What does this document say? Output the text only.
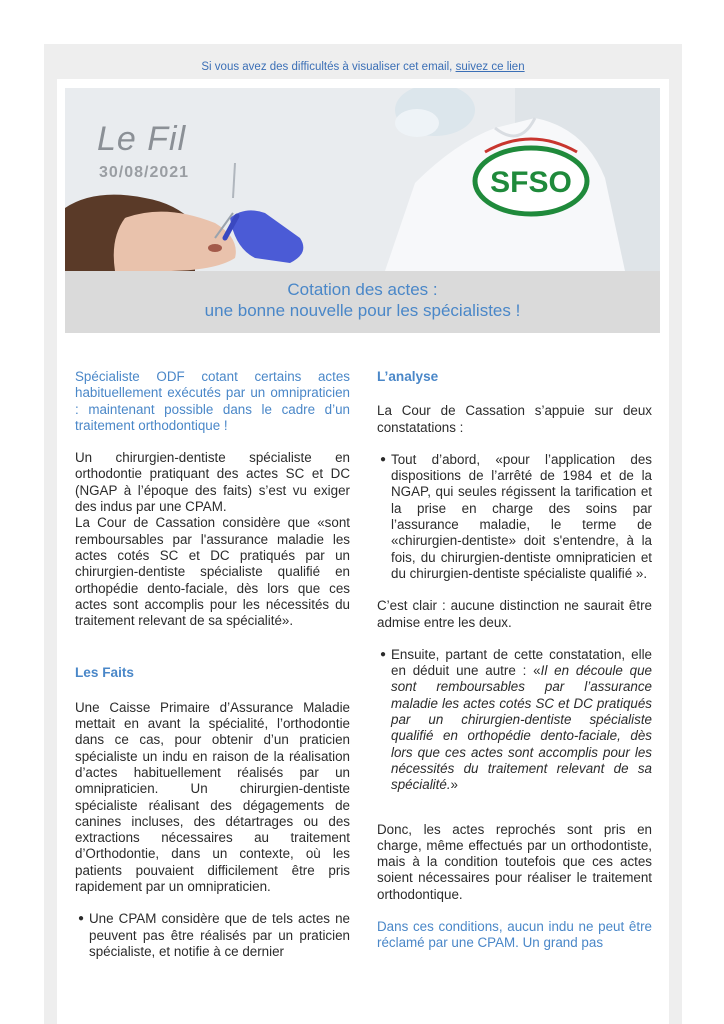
Si vous avez des difficultés à visualiser cet email, suivez ce lien
SFSO
Le Fil
30/08/2021
Cotation des actes :
une bonne nouvelle pour les spécialistes !

Spécialiste ODF cotant certains actes habituellement exécutés par un omnipraticien : maintenant possible dans le cadre d’un traitement orthodontique !

Un chirurgien-dentiste spécialiste en orthodontie pratiquant des actes SC et DC (NGAP à l’époque des faits) s’est vu exiger des indus par une CPAM.

La Cour de Cassation considère que «sont remboursables par l'assurance maladie les actes cotés SC et DC pratiqués par un chirurgien-dentiste spécialiste qualifié en orthopédie dento-faciale, dès lors que ces actes sont accomplis pour les nécessités du traitement relevant de sa spécialité».

Les Faits

Une Caisse Primaire d’Assurance Maladie mettait en avant la spécialité, l’orthodontie dans ce cas, pour obtenir d’un praticien spécialiste un indu en raison de la réalisation d’actes habituellement réalisés par un omnipraticien. Un chirurgien-dentiste spécialiste réalisant des dégagements de canines incluses, des détartrages ou des extractions nécessaires au traitement d’Orthodontie, dans un contexte, où les patients pouvaient difficilement être pris rapidement par un omnipraticien.

● Une CPAM considère que de tels actes ne peuvent pas être réalisés par un praticien spécialiste, et notifie à ce dernier
L’analyse

La Cour de Cassation s’appuie sur deux constatations :

● Tout d’abord, «pour l’application des dispositions de l’arrêté de 1984 et de la NGAP, qui seules régissent la tarification et la prise en charge des soins par l’assurance maladie, le terme de «chirurgien-dentiste» doit s'entendre, à la fois, du chirurgien-dentiste omnipraticien et du chirurgien-dentiste spécialiste qualifié ».

C’est clair : aucune distinction ne saurait être admise entre les deux.

● Ensuite, partant de cette constatation, elle en déduit une autre : «Il en découle que sont remboursables par l’assurance maladie les actes cotés SC et DC pratiqués par un chirurgien-dentiste spécialiste qualifié en orthopédie dento-faciale, dès lors que ces actes sont accomplis pour les nécessités du traitement relevant de sa spécialité.»

Donc, les actes reprochés sont pris en charge, même effectués par un orthodontiste, mais à la condition toutefois que ces actes soient nécessaires pour réaliser le traitement orthodontique.

Dans ces conditions, aucun indu ne peut être réclamé par une CPAM. Un grand pas
